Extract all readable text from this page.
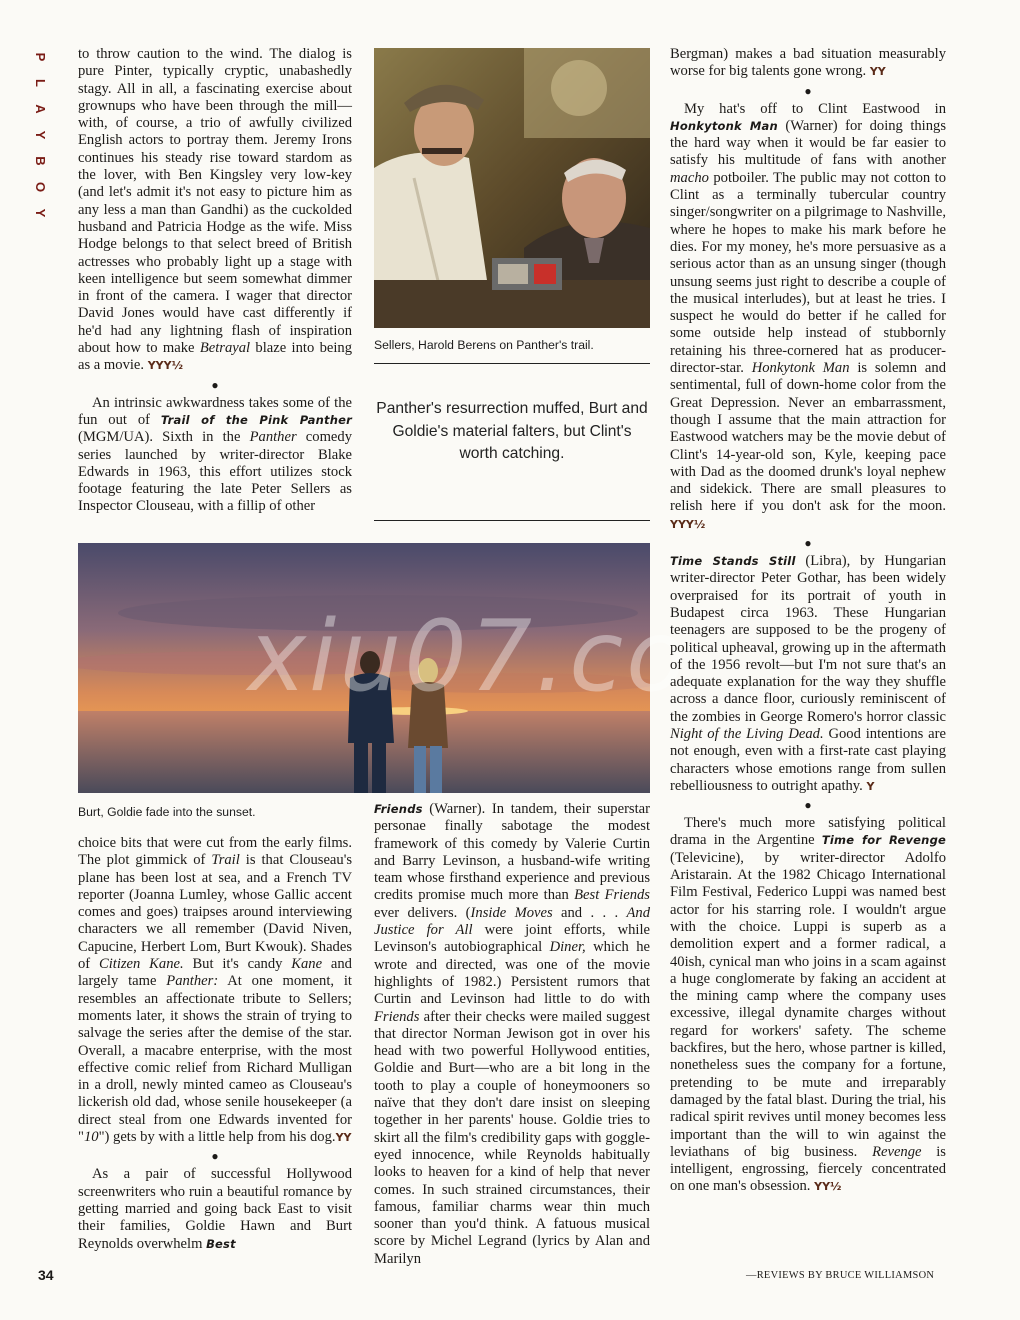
P
L
A
Y
B
O
Y

to throw caution to the wind. The dialog is pure Pinter, typically cryptic, unabashedly stagy. All in all, a fascinating exercise about grownups who have been through the mill—with, of course, a trio of awfully civilized English actors to portray them. Jeremy Irons continues his steady rise toward stardom as the lover, with Ben Kingsley very low-key (and let's admit it's not easy to picture him as any less a man than Gandhi) as the cuckolded husband and Patricia Hodge as the wife. Miss Hodge belongs to that select breed of British actresses who probably light up a stage with keen intelligence but seem somewhat dimmer in front of the camera. I wager that director David Jones would have cast differently if he'd had any lightning flash of inspiration about how to make Betrayal blaze into being as a movie. YYY½

●

An intrinsic awkwardness takes some of the fun out of Trail of the Pink Panther (MGM/UA). Sixth in the Panther comedy series launched by writer-director Blake Edwards in 1963, this effort utilizes stock footage featuring the late Peter Sellers as Inspector Clouseau, with a fillip of other

Sellers, Harold Berens on Panther's trail.
Panther's resurrection muffed, Burt and Goldie's material falters, but Clint's worth catching.
xiu07.co
Burt, Goldie fade into the sunset.

choice bits that were cut from the early films. The plot gimmick of Trail is that Clouseau's plane has been lost at sea, and a French TV reporter (Joanna Lumley, whose Gallic accent comes and goes) traipses around interviewing characters we all remember (David Niven, Capucine, Herbert Lom, Burt Kwouk). Shades of Citizen Kane. But it's candy Kane and largely tame Panther: At one moment, it resembles an affectionate tribute to Sellers; moments later, it shows the strain of trying to salvage the series after the demise of the star. Overall, a macabre enterprise, with the most effective comic relief from Richard Mulligan in a droll, newly minted cameo as Clouseau's lickerish old dad, whose senile housekeeper (a direct steal from one Edwards invented for "10") gets by with a little help from his dog.YY

●

As a pair of successful Hollywood screenwriters who ruin a beautiful romance by getting married and going back East to visit their families, Goldie Hawn and Burt Reynolds overwhelm Best

Friends (Warner). In tandem, their superstar personae finally sabotage the modest framework of this comedy by Valerie Curtin and Barry Levinson, a husband-wife writing team whose firsthand experience and previous credits promise much more than Best Friends ever delivers. (Inside Moves and . . . And Justice for All were joint efforts, while Levinson's autobiographical Diner, which he wrote and directed, was one of the movie highlights of 1982.) Persistent rumors that Curtin and Levinson had little to do with Friends after their checks were mailed suggest that director Norman Jewison got in over his head with two powerful Hollywood entities, Goldie and Burt—who are a bit long in the tooth to play a couple of honeymooners so naïve that they don't dare insist on sleeping together in her parents' house. Goldie tries to skirt all the film's credibility gaps with goggle-eyed innocence, while Reynolds habitually looks to heaven for a kind of help that never comes. In such strained circumstances, their famous, familiar charms wear thin much sooner than you'd think. A fatuous musical score by Michel Legrand (lyrics by Alan and Marilyn

Bergman) makes a bad situation measurably worse for big talents gone wrong. YY

●

My hat's off to Clint Eastwood in Honkytonk Man (Warner) for doing things the hard way when it would be far easier to satisfy his multitude of fans with another macho potboiler. The public may not cotton to Clint as a terminally tubercular country singer/songwriter on a pilgrimage to Nashville, where he hopes to make his mark before he dies. For my money, he's more persuasive as a serious actor than as an unsung singer (though unsung seems just right to describe a couple of the musical interludes), but at least he tries. I suspect he would do better if he called for some outside help instead of stubbornly retaining his three-cornered hat as producer-director-star. Honkytonk Man is solemn and sentimental, full of down-home color from the Great Depression. Never an embarrassment, though I assume that the main attraction for Eastwood watchers may be the movie debut of Clint's 14-year-old son, Kyle, keeping pace with Dad as the doomed drunk's loyal nephew and sidekick. There are small pleasures to relish here if you don't ask for the moon. YYY½

●

Time Stands Still (Libra), by Hungarian writer-director Peter Gothar, has been widely overpraised for its portrait of youth in Budapest circa 1963. These Hungarian teenagers are supposed to be the progeny of political upheaval, growing up in the aftermath of the 1956 revolt—but I'm not sure that's an adequate explanation for the way they shuffle across a dance floor, curiously reminiscent of the zombies in George Romero's horror classic Night of the Living Dead. Good intentions are not enough, even with a first-rate cast playing characters whose emotions range from sullen rebelliousness to outright apathy. Y

●

There's much more satisfying political drama in the Argentine Time for Revenge (Televicine), by writer-director Adolfo Aristarain. At the 1982 Chicago International Film Festival, Federico Luppi was named best actor for his starring role. I wouldn't argue with the choice. Luppi is superb as a demolition expert and a former radical, a 40ish, cynical man who joins in a scam against a huge conglomerate by faking an accident at the mining camp where the company uses excessive, illegal dynamite charges without regard for workers' safety. The scheme backfires, but the hero, whose partner is killed, nonetheless sues the company for a fortune, pretending to be mute and irreparably damaged by the fatal blast. During the trial, his radical spirit revives until money becomes less important than the will to win against the leviathans of big business. Revenge is intelligent, engrossing, fiercely concentrated on one man's obsession. YY½

—REVIEWS BY BRUCE WILLIAMSON
34
